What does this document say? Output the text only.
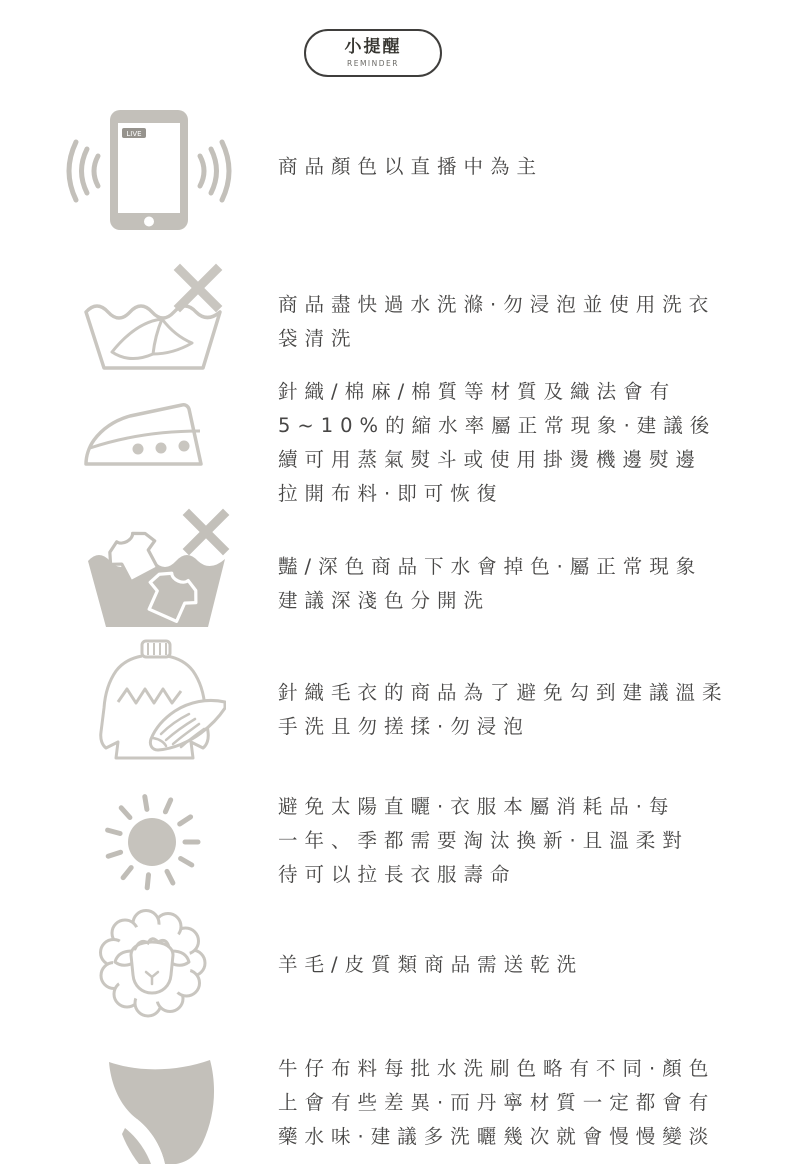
小提醒
REMINDER
LIVE
商品顏色以直播中為主
商品盡快過水洗滌·勿浸泡並使用洗衣
袋清洗
針織/棉麻/棉質等材質及織法會有
5~10%的縮水率屬正常現象·建議後
續可用蒸氣熨斗或使用掛燙機邊熨邊
拉開布料·即可恢復
豔/深色商品下水會掉色·屬正常現象
建議深淺色分開洗
針織毛衣的商品為了避免勾到建議溫柔
手洗且勿搓揉·勿浸泡
避免太陽直曬·衣服本屬消耗品·每
一年、季都需要淘汰換新·且溫柔對
待可以拉長衣服壽命
羊毛/皮質類商品需送乾洗
牛仔布料每批水洗刷色略有不同·顏色
上會有些差異·而丹寧材質一定都會有
藥水味·建議多洗曬幾次就會慢慢變淡
